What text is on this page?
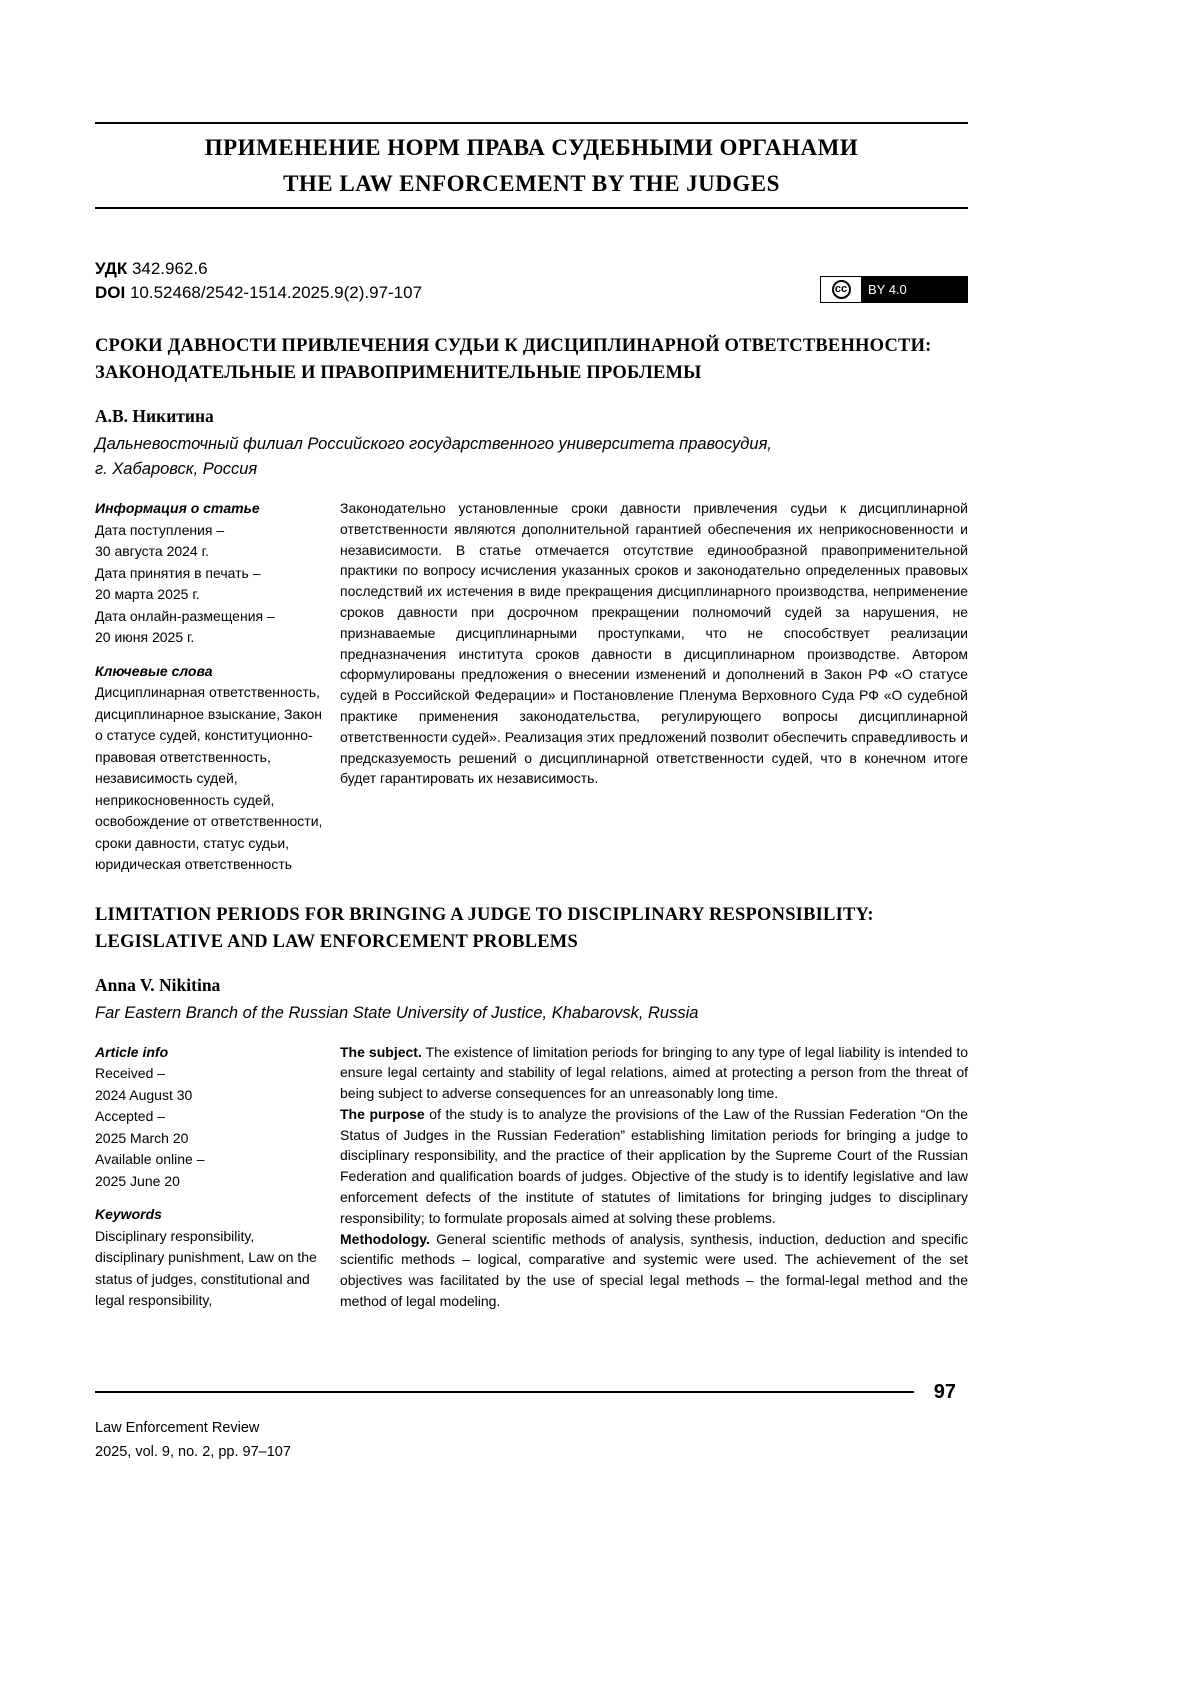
ПРИМЕНЕНИЕ НОРМ ПРАВА СУДЕБНЫМИ ОРГАНАМИ
THE LAW ENFORCEMENT BY THE JUDGES
УДК 342.962.6
DOI 10.52468/2542-1514.2025.9(2).97-107	cc	BY 4.0
СРОКИ ДАВНОСТИ ПРИВЛЕЧЕНИЯ СУДЬИ К ДИСЦИПЛИНАРНОЙ ОТВЕТСТВЕННОСТИ: ЗАКОНОДАТЕЛЬНЫЕ И ПРАВОПРИМЕНИТЕЛЬНЫЕ ПРОБЛЕМЫ
А.В. Никитина
Дальневосточный филиал Российского государственного университета правосудия,
г. Хабаровск, Россия
Информация о статье
Дата поступления –
30 августа 2024 г.
Дата принятия в печать –
20 марта 2025 г.
Дата онлайн-размещения –
20 июня 2025 г.
Ключевые слова
Дисциплинарная ответственность, дисциплинарное взыскание, Закон о статусе судей, конституционно-правовая ответственность, независимость судей, неприкосновенность судей, освобождение от ответственности, сроки давности, статус судьи, юридическая ответственность

Законодательно установленные сроки давности привлечения судьи к дисциплинарной ответственности являются дополнительной гарантией обеспечения их неприкосновенности и независимости. В статье отмечается отсутствие единообразной правоприменительной практики по вопросу исчисления указанных сроков и законодательно определенных правовых последствий их истечения в виде прекращения дисциплинарного производства, неприменение сроков давности при досрочном прекращении полномочий судей за нарушения, не признаваемые дисциплинарными проступками, что не способствует реализации предназначения института сроков давности в дисциплинарном производстве. Автором сформулированы предложения о внесении изменений и дополнений в Закон РФ «О статусе судей в Российской Федерации» и Постановление Пленума Верховного Суда РФ «О судебной практике применения законодательства, регулирующего вопросы дисциплинарной ответственности судей». Реализация этих предложений позволит обеспечить справедливость и предсказуемость решений о дисциплинарной ответственности судей, что в конечном итоге будет гарантировать их независимость.

LIMITATION PERIODS FOR BRINGING A JUDGE TO DISCIPLINARY RESPONSIBILITY: LEGISLATIVE AND LAW ENFORCEMENT PROBLEMS
Anna V. Nikitina
Far Eastern Branch of the Russian State University of Justice, Khabarovsk, Russia
Article info
Received –
2024 August 30
Accepted –
2025 March 20
Available online –
2025 June 20
Keywords
Disciplinary responsibility, disciplinary punishment, Law on the status of judges, constitutional and legal responsibility,

The subject. The existence of limitation periods for bringing to any type of legal liability is intended to ensure legal certainty and stability of legal relations, aimed at protecting a person from the threat of being subject to adverse consequences for an unreasonably long time.

The purpose of the study is to analyze the provisions of the Law of the Russian Federation “On the Status of Judges in the Russian Federation” establishing limitation periods for bringing a judge to disciplinary responsibility, and the practice of their application by the Supreme Court of the Russian Federation and qualification boards of judges. Objective of the study is to identify legislative and law enforcement defects of the institute of statutes of limitations for bringing judges to disciplinary responsibility; to formulate proposals aimed at solving these problems.

Methodology. General scientific methods of analysis, synthesis, induction, deduction and specific scientific methods – logical, comparative and systemic were used. The achievement of the set objectives was facilitated by the use of special legal methods – the formal-legal method and the method of legal modeling.

97
Law Enforcement Review
2025, vol. 9, no. 2, pp. 97–107
